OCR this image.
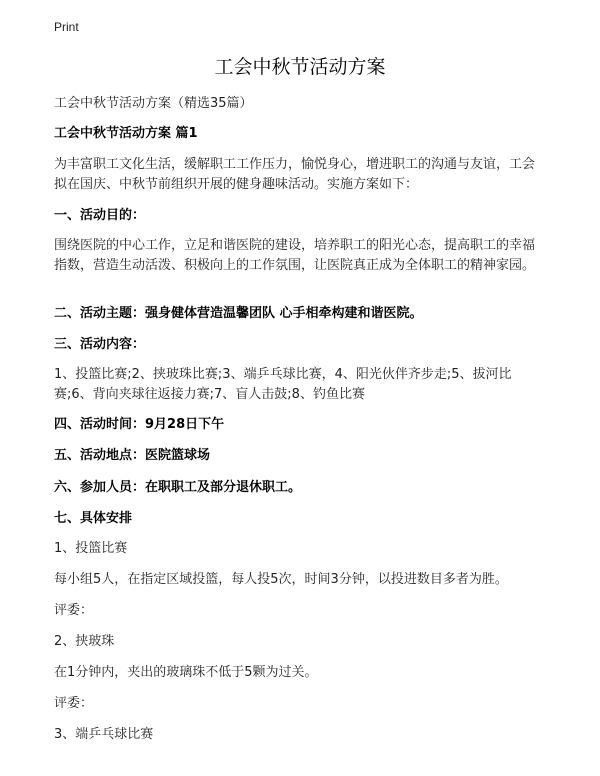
Print
工会中秋节活动方案

工会中秋节活动方案（精选35篇）

工会中秋节活动方案 篇1

为丰富职工文化生活，缓解职工工作压力，愉悦身心，增进职工的沟通与友谊，工会拟在国庆、中秋节前组织开展的健身趣味活动。实施方案如下：

一、活动目的：

围绕医院的中心工作，立足和谐医院的建设，培养职工的阳光心态，提高职工的幸福指数，营造生动活泼、积极向上的工作氛围，让医院真正成为全体职工的精神家园。

二、活动主题：强身健体营造温馨团队 心手相牵构建和谐医院。

三、活动内容：

1、投篮比赛;2、挟玻珠比赛;3、端乒乓球比赛，4、阳光伙伴齐步走;5、拔河比赛;6、背向夹球往返接力赛;7、盲人击鼓;8、钓鱼比赛

四、活动时间：9月28日下午

五、活动地点：医院篮球场

六、参加人员：在职职工及部分退休职工。

七、具体安排

1、投篮比赛

每小组5人，在指定区域投篮，每人投5次，时间3分钟，以投进数目多者为胜。

评委：

2、挟玻珠

在1分钟内，夹出的玻璃珠不低于5颗为过关。

评委：

3、端乒乓球比赛
